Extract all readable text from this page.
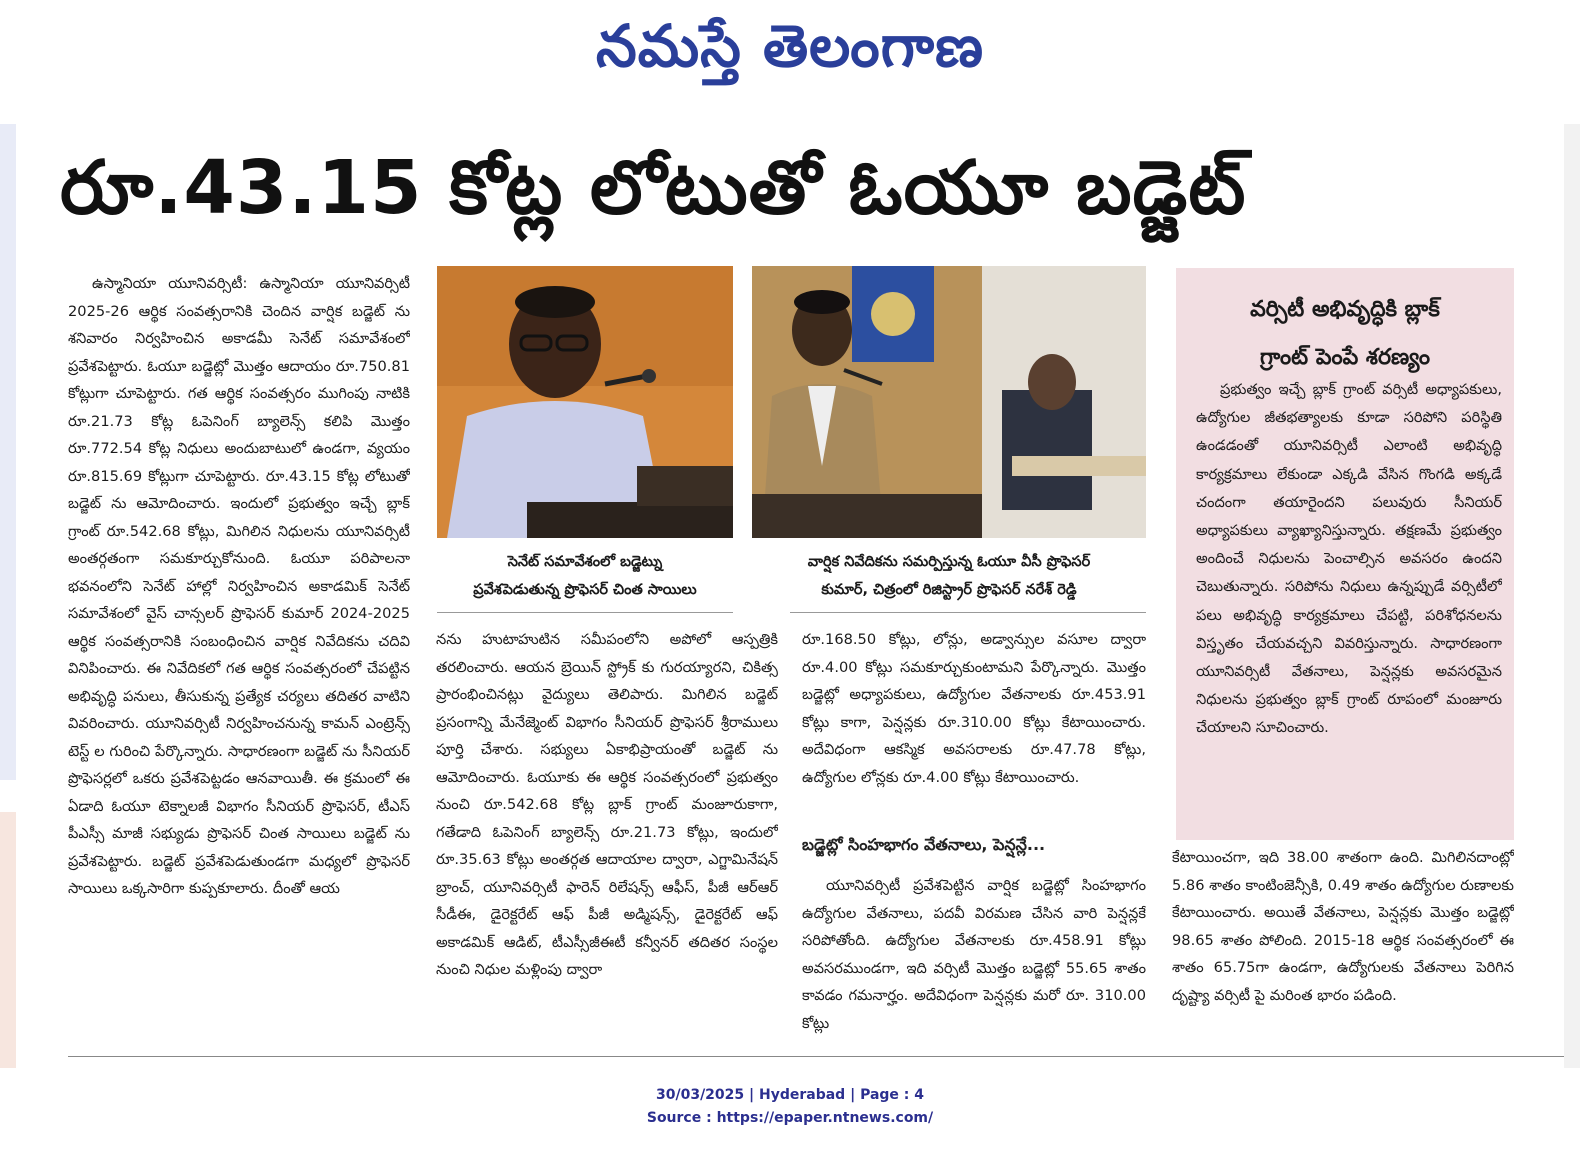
నమస్తే తెలంగాణ
రూ.43.15 కోట్ల లోటుతో ఓయూ బడ్జెట్

ఉస్మానియా యూనివర్సిటీ: ఉస్మానియా యూనివర్సిటీ 2025-26 ఆర్థిక సంవత్సరానికి చెందిన వార్షిక బడ్జెట్ ను శనివారం నిర్వహించిన అకాడమీ సెనేట్ సమావేశంలో ప్రవేశపెట్టారు. ఓయూ బడ్జెట్లో మొత్తం ఆదాయం రూ.750.81 కోట్లుగా చూపెట్టారు. గత ఆర్థిక సంవత్సరం ముగింపు నాటికి రూ.21.73 కోట్ల ఓపెనింగ్ బ్యాలెన్స్ కలిపి మొత్తం రూ.772.54 కోట్ల నిధులు అందుబాటులో ఉండగా, వ్యయం రూ.815.69 కోట్లుగా చూపెట్టారు. రూ.43.15 కోట్ల లోటుతో బడ్జెట్ ను ఆమోదించారు. ఇందులో ప్రభుత్వం ఇచ్చే బ్లాక్ గ్రాంట్ రూ.542.68 కోట్లు, మిగిలిన నిధులను యూనివర్సిటీ అంతర్గతంగా సమకూర్చుకోనుంది. ఓయూ పరిపాలనా భవనంలోని సెనేట్ హాల్లో నిర్వహించిన అకాడమిక్ సెనేట్ సమావేశంలో వైస్ చాన్సలర్ ప్రొఫెసర్ కుమార్ 2024-2025 ఆర్థిక సంవత్సరానికి సంబంధించిన వార్షిక నివేదికను చదివి వినిపించారు. ఈ నివేదికలో గత ఆర్థిక సంవత్సరంలో చేపట్టిన అభివృద్ధి పనులు, తీసుకున్న ప్రత్యేక చర్యలు తదితర వాటిని వివరించారు. యూనివర్సిటీ నిర్వహించనున్న కామన్ ఎంట్రెన్స్ టెస్ట్ ల గురించి పేర్కొన్నారు. సాధారణంగా బడ్జెట్ ను సీనియర్ ప్రొఫెసర్లలో ఒకరు ప్రవేశపెట్టడం ఆనవాయితీ. ఈ క్రమంలో ఈ ఏడాది ఓయూ టెక్నాలజీ విభాగం సీనియర్ ప్రొఫెసర్, టీఎస్ పీఎస్సీ మాజీ సభ్యుడు ప్రొఫెసర్ చింత సాయిలు బడ్జెట్ ను ప్రవేశపెట్టారు. బడ్జెట్ ప్రవేశపెడుతుండగా మధ్యలో ప్రొఫెసర్ సాయిలు ఒక్కసారిగా కుప్పకూలారు. దీంతో ఆయ

సెనేట్ సమావేశంలో బడ్జెట్ను
ప్రవేశపెడుతున్న ప్రొఫెసర్ చింత సాయిలు
వార్షిక నివేదికను సమర్పిస్తున్న ఓయూ వీసీ ప్రొఫెసర్
కుమార్, చిత్రంలో రిజిస్ట్రార్ ప్రొఫెసర్ నరేశ్ రెడ్డి

నను హుటాహుటిన సమీపంలోని అపోలో ఆస్పత్రికి తరలించారు. ఆయన బ్రెయిన్ స్ట్రోక్ కు గురయ్యారని, చికిత్స ప్రారంభించినట్లు వైద్యులు తెలిపారు. మిగిలిన బడ్జెట్ ప్రసంగాన్ని మేనేజ్మెంట్ విభాగం సీనియర్ ప్రొఫెసర్ శ్రీరాములు పూర్తి చేశారు. సభ్యులు ఏకాభిప్రాయంతో బడ్జెట్ ను ఆమోదించారు. ఓయూకు ఈ ఆర్థిక సంవత్సరంలో ప్రభుత్వం నుంచి రూ.542.68 కోట్ల బ్లాక్ గ్రాంట్ మంజూరుకాగా, గతేడాది ఓపెనింగ్ బ్యాలెన్స్ రూ.21.73 కోట్లు, ఇందులో రూ.35.63 కోట్లు అంతర్గత ఆదాయాల ద్వారా, ఎగ్జామినేషన్ బ్రాంచ్, యూనివర్సిటీ ఫారెన్ రిలేషన్స్ ఆఫీస్, పీజీ ఆర్ఆర్ సీడీఈ, డైరెక్టరేట్ ఆఫ్ పీజీ అడ్మిషన్స్, డైరెక్టరేట్ ఆఫ్ అకాడమిక్ ఆడిట్, టీఎస్సీజీఈటీ కన్వీనర్ తదితర సంస్థల నుంచి నిధుల మళ్లింపు ద్వారా

రూ.168.50 కోట్లు, లోన్లు, అడ్వాన్సుల వసూల ద్వారా రూ.4.00 కోట్లు సమకూర్చుకుంటామని పేర్కొన్నారు. మొత్తం బడ్జెట్లో అధ్యాపకులు, ఉద్యోగుల వేతనాలకు రూ.453.91 కోట్లు కాగా, పెన్షన్లకు రూ.310.00 కోట్లు కేటాయించారు. అదేవిధంగా ఆకస్మిక అవసరాలకు రూ.47.78 కోట్లు, ఉద్యోగుల లోన్లకు రూ.4.00 కోట్లు కేటాయించారు.

బడ్జెట్లో సింహభాగం వేతనాలు, పెన్షన్లే...

యూనివర్సిటీ ప్రవేశపెట్టిన వార్షిక బడ్జెట్లో సింహభాగం ఉద్యోగుల వేతనాలు, పదవీ విరమణ చేసిన వారి పెన్షన్లకే సరిపోతోంది. ఉద్యోగుల వేతనాలకు రూ.458.91 కోట్లు అవసరముండగా, ఇది వర్సిటీ మొత్తం బడ్జెట్లో 55.65 శాతం కావడం గమనార్హం. అదేవిధంగా పెన్షన్లకు మరో రూ. 310.00 కోట్లు

వర్సిటీ అభివృద్ధికి బ్లాక్
గ్రాంట్ పెంపే శరణ్యం

ప్రభుత్వం ఇచ్చే బ్లాక్ గ్రాంట్ వర్సిటీ అధ్యాపకులు, ఉద్యోగుల జీతభత్యాలకు కూడా సరిపోని పరిస్థితి ఉండడంతో యూనివర్సిటీ ఎలాంటి అభివృద్ధి కార్యక్రమాలు లేకుండా ఎక్కడి వేసిన గొంగడి అక్కడే చందంగా తయారైందని పలువురు సీనియర్ అధ్యాపకులు వ్యాఖ్యానిస్తున్నారు. తక్షణమే ప్రభుత్వం అందించే నిధులను పెంచాల్సిన అవసరం ఉందని చెబుతున్నారు. సరిపోను నిధులు ఉన్నప్పుడే వర్సిటీలో పలు అభివృద్ధి కార్యక్రమాలు చేపట్టి, పరిశోధనలను విస్తృతం చేయవచ్చని వివరిస్తున్నారు. సాధారణంగా యూనివర్సిటీ వేతనాలు, పెన్షన్లకు అవసరమైన నిధులను ప్రభుత్వం బ్లాక్ గ్రాంట్ రూపంలో మంజూరు చేయాలని సూచించారు.

కేటాయించగా, ఇది 38.00 శాతంగా ఉంది. మిగిలినదాంట్లో 5.86 శాతం కాంటింజెన్సీకి, 0.49 శాతం ఉద్యోగుల రుణాలకు కేటాయించారు. అయితే వేతనాలు, పెన్షన్లకు మొత్తం బడ్జెట్లో 98.65 శాతం పోలింది. 2015-18 ఆర్థిక సంవత్సరంలో ఈ శాతం 65.75గా ఉండగా, ఉద్యోగులకు వేతనాలు పెరిగిన దృష్ట్యా వర్సిటీ పై మరింత భారం పడింది.

30/03/2025 | Hyderabad | Page : 4
Source : https://epaper.ntnews.com/
